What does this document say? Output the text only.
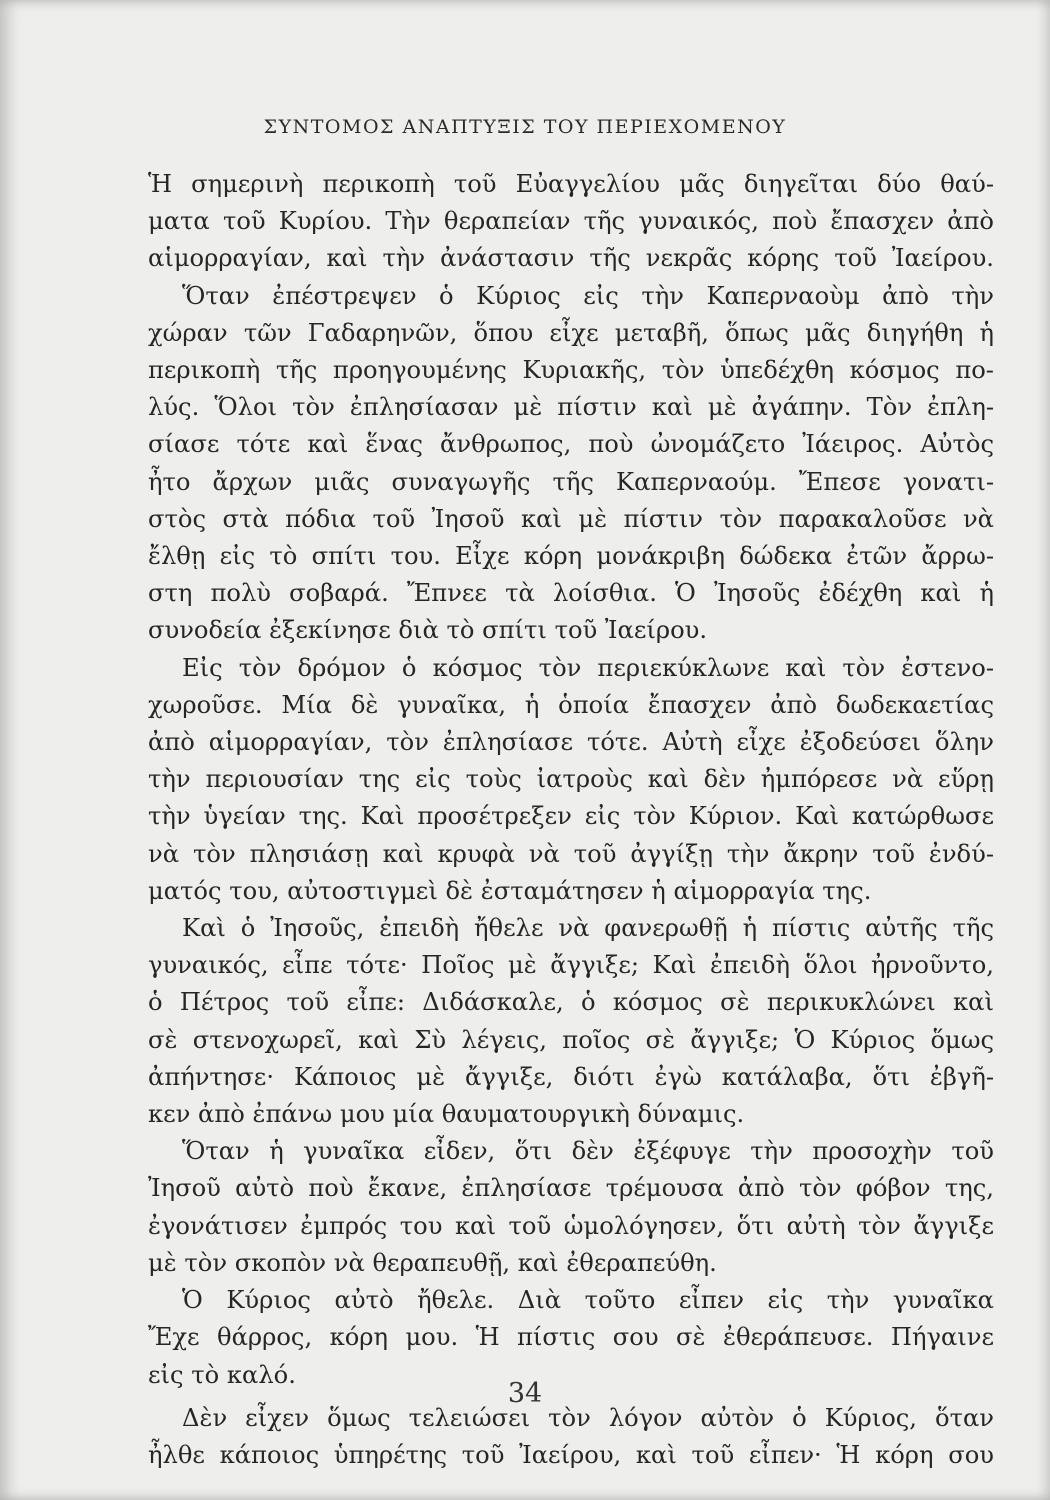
ΣΥΝΤΟΜΟΣ ΑΝΑΠΤΥΞΙΣ ΤΟΥ ΠΕΡΙΕΧΟΜΕΝΟΥ
Ἡ σημερινὴ περικοπὴ τοῦ Εὐαγγελίου μᾶς διηγεῖται δύο θαύ-
ματα τοῦ Κυρίου. Τὴν θεραπείαν τῆς γυναικός, ποὺ ἔπασχεν ἀπὸ
αἱμορραγίαν, καὶ τὴν ἀνάστασιν τῆς νεκρᾶς κόρης τοῦ Ἰαείρου.
Ὅταν ἐπέστρεψεν ὁ Κύριος εἰς τὴν Καπερναοὺμ ἀπὸ τὴν
χώραν τῶν Γαδαρηνῶν, ὅπου εἶχε μεταβῆ, ὅπως μᾶς διηγήθη ἡ
περικοπὴ τῆς προηγουμένης Κυριακῆς, τὸν ὑπεδέχθη κόσμος πο-
λύς. Ὅλοι τὸν ἐπλησίασαν μὲ πίστιν καὶ μὲ ἀγάπην. Τὸν ἐπλη-
σίασε τότε καὶ ἕνας ἄνθρωπος, ποὺ ὠνομάζετο Ἰάειρος. Αὐτὸς
ἦτο ἄρχων μιᾶς συναγωγῆς τῆς Καπερναούμ. Ἔπεσε γονατι-
στὸς στὰ πόδια τοῦ Ἰησοῦ καὶ μὲ πίστιν τὸν παρακαλοῦσε νὰ
ἔλθῃ εἰς τὸ σπίτι του. Εἶχε κόρη μονάκριβη δώδεκα ἐτῶν ἄρρω-
στη πολὺ σοβαρά. Ἔπνεε τὰ λοίσθια. Ὁ Ἰησοῦς ἐδέχθη καὶ ἡ
συνοδεία ἐξεκίνησε διὰ τὸ σπίτι τοῦ Ἰαείρου.
Εἰς τὸν δρόμον ὁ κόσμος τὸν περιεκύκλωνε καὶ τὸν ἐστενο-
χωροῦσε. Μία δὲ γυναῖκα, ἡ ὁποία ἔπασχεν ἀπὸ δωδεκαετίας
ἀπὸ αἱμορραγίαν, τὸν ἐπλησίασε τότε. Αὐτὴ εἶχε ἐξοδεύσει ὅλην
τὴν περιουσίαν της εἰς τοὺς ἰατροὺς καὶ δὲν ἠμπόρεσε νὰ εὕρῃ
τὴν ὑγείαν της. Καὶ προσέτρεξεν εἰς τὸν Κύριον. Καὶ κατώρθωσε
νὰ τὸν πλησιάσῃ καὶ κρυφὰ νὰ τοῦ ἀγγίξῃ τὴν ἄκρην τοῦ ἐνδύ-
ματός του, αὐτοστιγμεὶ δὲ ἐσταμάτησεν ἡ αἱμορραγία της.
Καὶ ὁ Ἰησοῦς, ἐπειδὴ ἤθελε νὰ φανερωθῇ ἡ πίστις αὐτῆς τῆς
γυναικός, εἶπε τότε· Ποῖος μὲ ἄγγιξε; Καὶ ἐπειδὴ ὅλοι ἠρνοῦντο,
ὁ Πέτρος τοῦ εἶπε: Διδάσκαλε, ὁ κόσμος σὲ περικυκλώνει καὶ
σὲ στενοχωρεῖ, καὶ Σὺ λέγεις, ποῖος σὲ ἄγγιξε; Ὁ Κύριος ὅμως
ἀπήντησε· Κάποιος μὲ ἄγγιξε, διότι ἐγὼ κατάλαβα, ὅτι ἐβγῆ-
κεν ἀπὸ ἐπάνω μου μία θαυματουργικὴ δύναμις.
Ὅταν ἡ γυναῖκα εἶδεν, ὅτι δὲν ἐξέφυγε τὴν προσοχὴν τοῦ
Ἰησοῦ αὐτὸ ποὺ ἔκανε, ἐπλησίασε τρέμουσα ἀπὸ τὸν φόβον της,
ἐγονάτισεν ἐμπρός του καὶ τοῦ ὡμολόγησεν, ὅτι αὐτὴ τὸν ἄγγιξε
μὲ τὸν σκοπὸν νὰ θεραπευθῇ, καὶ ἐθεραπεύθη.
Ὁ Κύριος αὐτὸ ἤθελε. Διὰ τοῦτο εἶπεν εἰς τὴν γυναῖκα
Ἔχε θάρρος, κόρη μου. Ἡ πίστις σου σὲ ἐθεράπευσε. Πήγαινε
εἰς τὸ καλό.
Δὲν εἶχεν ὅμως τελειώσει τὸν λόγον αὐτὸν ὁ Κύριος, ὅταν
ἦλθε κάποιος ὑπηρέτης τοῦ Ἰαείρου, καὶ τοῦ εἶπεν· Ἡ κόρη σου
34
